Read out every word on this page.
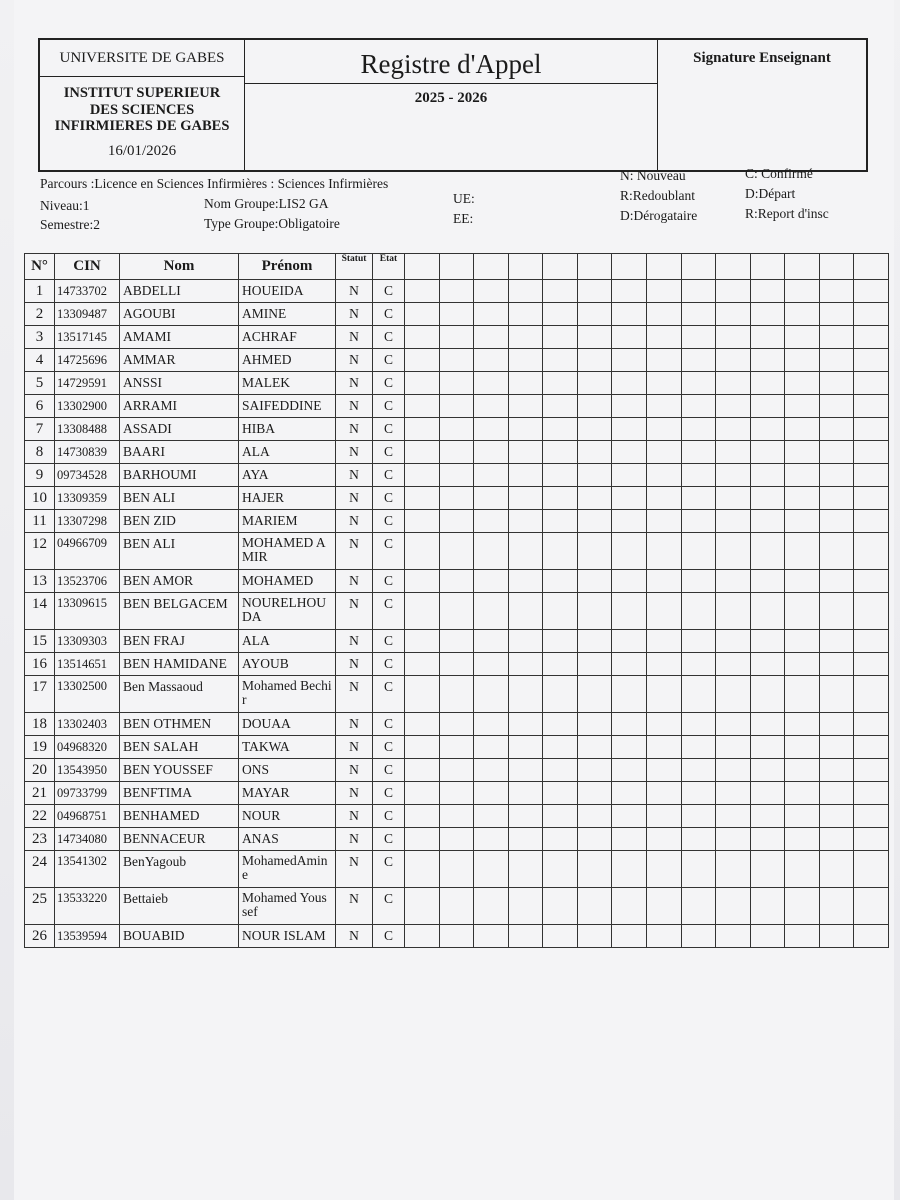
UNIVERSITE DE GABES
INSTITUT SUPERIEUR
DES SCIENCES
INFIRMIERES DE GABES
16/01/2026
Registre d'Appel
2025 - 2026
Signature Enseignant
Parcours :Licence en Sciences Infirmières : Sciences Infirmières
Niveau:1
Semestre:2
Nom Groupe:LIS2 GA
Type Groupe:Obligatoire
UE:
EE:
N: Nouveau
R:Redoublant
D:Dérogataire
C: Confirmé
D:Départ
R:Report d'insc
N°	CIN	Nom	Prénom	Statut	Etat														
1	14733702	ABDELLI	HOUEIDA	N	C														
2	13309487	AGOUBI	AMINE	N	C														
3	13517145	AMAMI	ACHRAF	N	C														
4	14725696	AMMAR	AHMED	N	C														
5	14729591	ANSSI	MALEK	N	C														
6	13302900	ARRAMI	SAIFEDDINE	N	C														
7	13308488	ASSADI	HIBA	N	C														
8	14730839	BAARI	ALA	N	C														
9	09734528	BARHOUMI	AYA	N	C														
10	13309359	BEN ALI	HAJER	N	C														
11	13307298	BEN ZID	MARIEM	N	C														
12	04966709	BEN ALI	MOHAMED AMIR	N	C														
13	13523706	BEN AMOR	MOHAMED	N	C														
14	13309615	BEN BELGACEM	NOURELHOUDA	N	C														
15	13309303	BEN FRAJ	ALA	N	C														
16	13514651	BEN HAMIDANE	AYOUB	N	C														
17	13302500	Ben Massaoud	Mohamed Bechir	N	C														
18	13302403	BEN OTHMEN	DOUAA	N	C														
19	04968320	BEN SALAH	TAKWA	N	C														
20	13543950	BEN YOUSSEF	ONS	N	C														
21	09733799	BENFTIMA	MAYAR	N	C														
22	04968751	BENHAMED	NOUR	N	C														
23	14734080	BENNACEUR	ANAS	N	C														
24	13541302	BenYagoub	MohamedAmine	N	C														
25	13533220	Bettaieb	Mohamed Youssef	N	C														
26	13539594	BOUABID	NOUR ISLAM	N	C														
